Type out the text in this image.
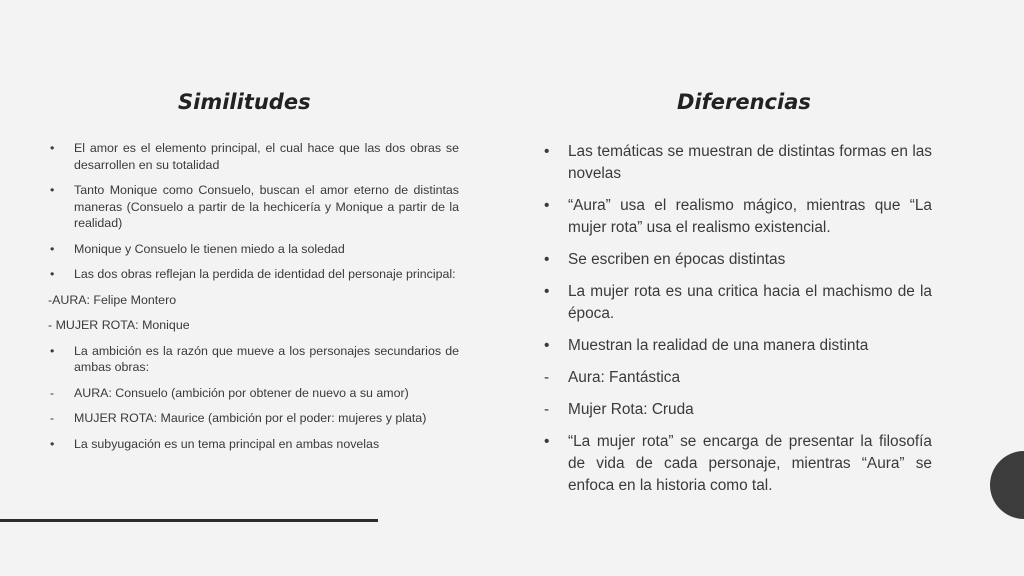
Similitudes	Diferencias
• El amor es el elemento principal, el cual hace que las dos obras se desarrollen en su totalidad
• Tanto Monique como Consuelo, buscan el amor eterno de distintas maneras (Consuelo a partir de la hechicería y Monique a partir de la realidad)
• Monique y Consuelo le tienen miedo a la soledad
• Las dos obras reflejan la perdida de identidad del personaje principal:
-AURA: Felipe Montero
- MUJER ROTA: Monique
• La ambición es la razón que mueve a los personajes secundarios de ambas obras:
- AURA: Consuelo (ambición por obtener de nuevo a su amor)
- MUJER ROTA: Maurice (ambición por el poder: mujeres y plata)
• La subyugación es un tema principal en ambas novelas
• Las temáticas se muestran de distintas formas en las novelas
• “Aura” usa el realismo mágico, mientras que “La mujer rota” usa el realismo existencial.
• Se escriben en épocas distintas
• La mujer rota es una critica hacia el machismo de la época.
• Muestran la realidad de una manera distinta
- Aura: Fantástica
- Mujer Rota: Cruda
• “La mujer rota” se encarga de presentar la filosofía de vida de cada personaje, mientras “Aura” se enfoca en la historia como tal.
